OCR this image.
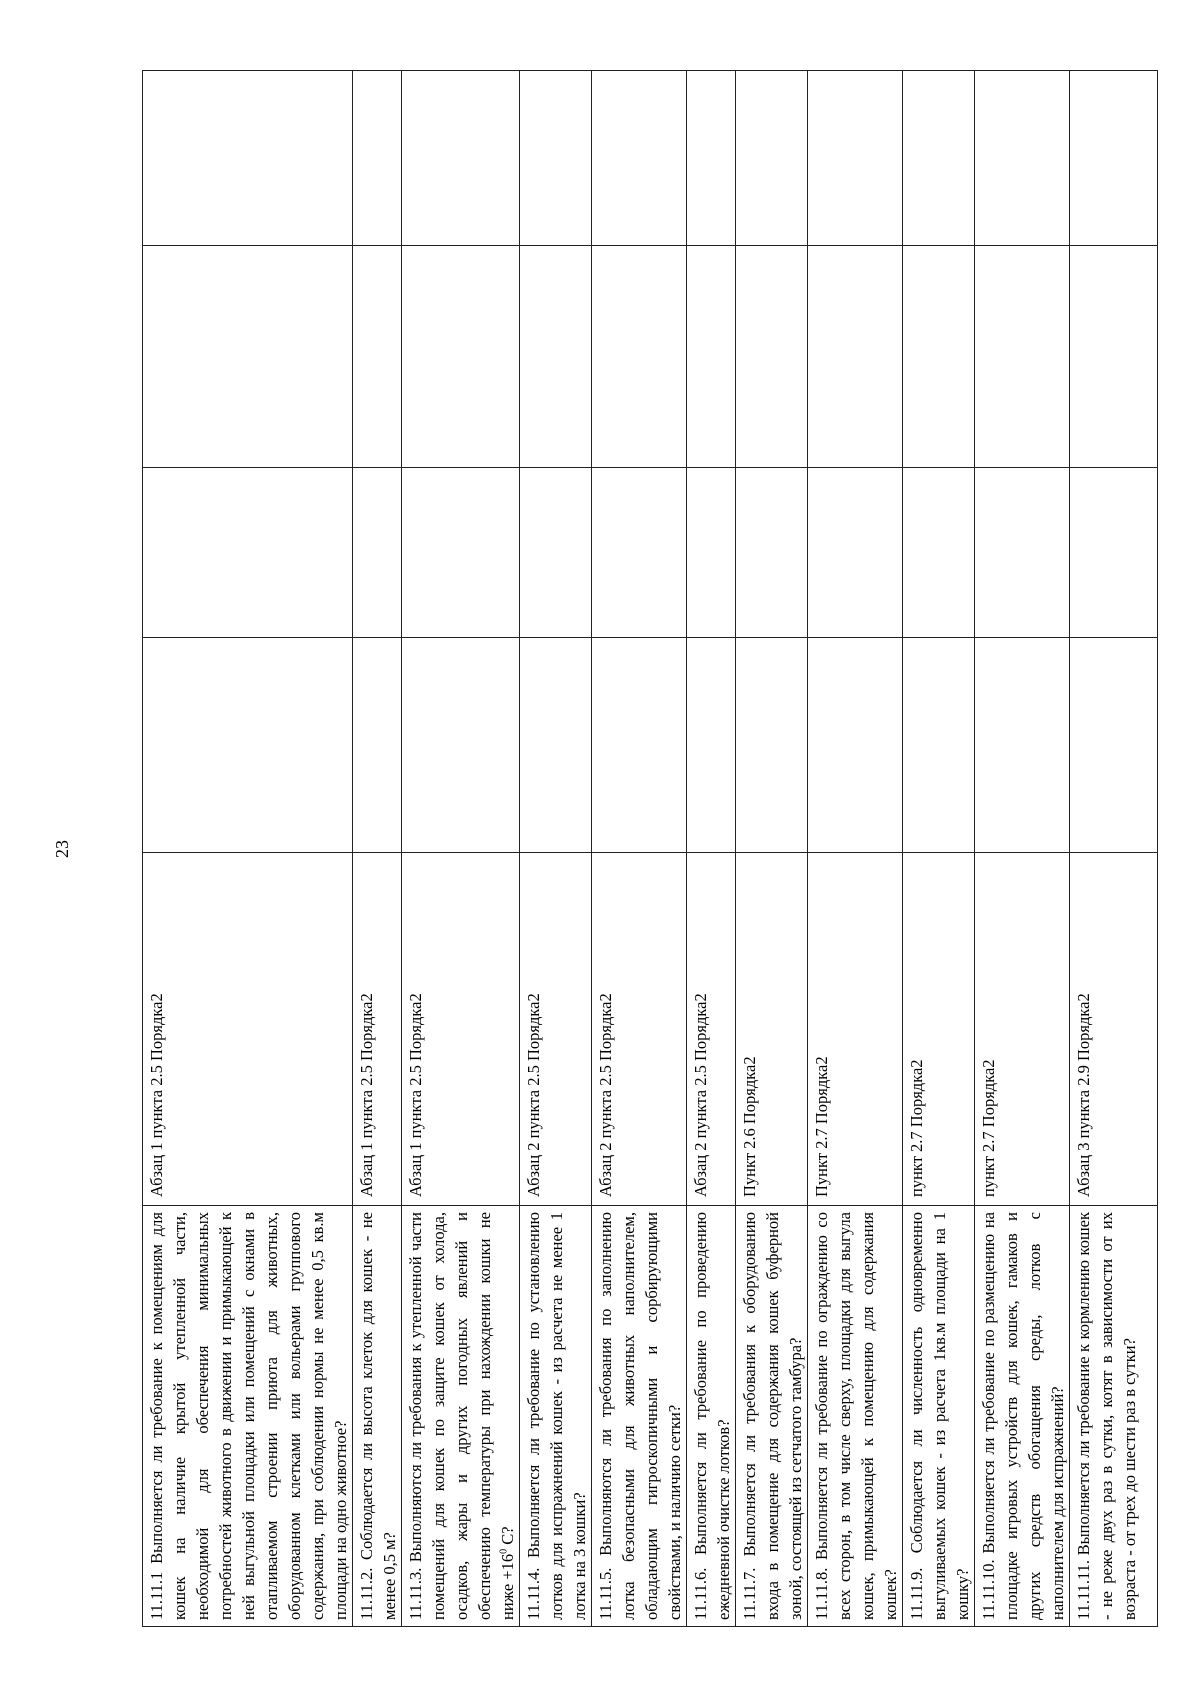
23
11.11.1 Выполняется ли требование к помещениям для кошек на наличие крытой утепленной части, необходимой для обеспечения минимальных потребностей животного в движении и примыкающей к ней выгульной площадки или помещений с окнами в отапливаемом строении приюта для животных, оборудованном клетками или вольерами группового содержания, при соблюдении нормы не менее 0,5 кв.м площади на одно животное?	Абзац 1 пункта 2.5 Порядка2				
11.11.2. Соблюдается ли высота клеток для кошек - не менее 0,5 м?	Абзац 1 пункта 2.5 Порядка2				
11.11.3. Выполняются ли требования к утепленной части помещений для кошек по защите кошек от холода, осадков, жары и других погодных явлений и обеспечению температуры при нахождении кошки не ниже $+16^0$ С?	Абзац 1 пункта 2.5 Порядка2				
11.11.4. Выполняется ли требование по установлению лотков для испражнений кошек - из расчета не менее 1 лотка на 3 кошки?	Абзац 2 пункта 2.5 Порядка2				
11.11.5. Выполняются ли требования по заполнению лотка безопасными для животных наполнителем, обладающим гигроскопичными и сорбирующими свойствами, и наличию сетки?	Абзац 2 пункта 2.5 Порядка2				
11.11.6. Выполняется ли требование по проведению ежедневной очистке лотков?	Абзац 2 пункта 2.5 Порядка2				
11.11.7. Выполняется ли требования к оборудованию входа в помещение для содержания кошек буферной зоной, состоящей из сетчатого тамбура?	Пункт 2.6 Порядка2				
11.11.8. Выполняется ли требование по ограждению со всех сторон, в том числе сверху, площадки для выгула кошек, примыкающей к помещению для содержания кошек?	Пункт 2.7 Порядка2				
11.11.9. Соблюдается ли численность одновременно выгуливаемых кошек - из расчета 1кв.м площади на 1 кошку?	пункт 2.7 Порядка2				
11.11.10. Выполняется ли требование по размещению на площадке игровых устройств для кошек, гамаков и других средств обогащения среды, лотков с наполнителем для испражнений?	пункт 2.7 Порядка2				
11.11.11. Выполняется ли требование к кормлению кошек - не реже двух раз в сутки, котят в зависимости от их возраста - от трех до шести раз в сутки?	Абзац 3 пункта 2.9 Порядка2				
